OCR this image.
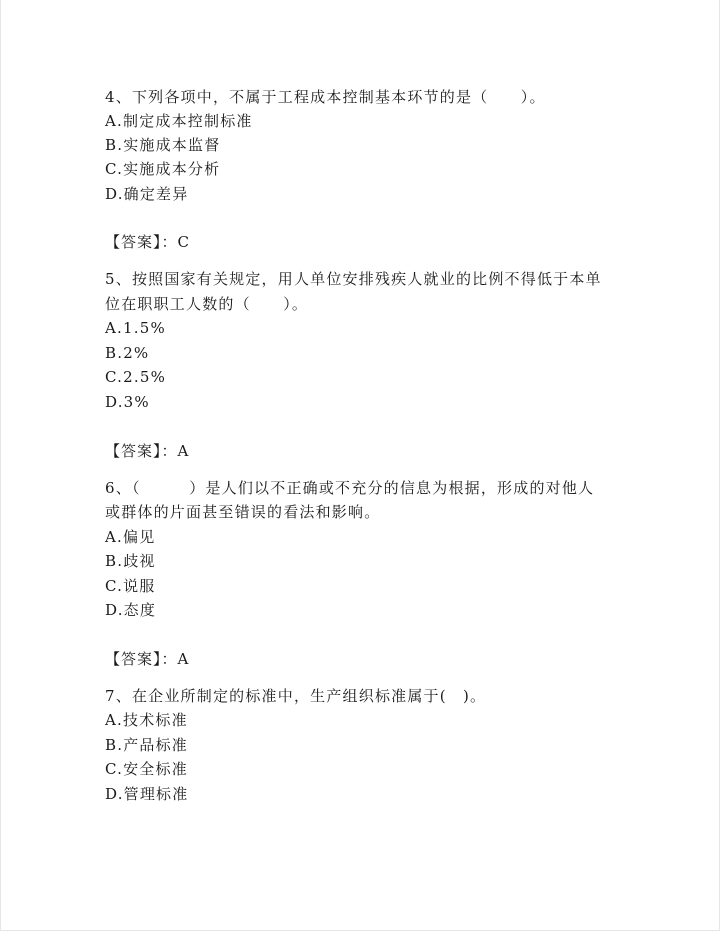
4、下列各项中，不属于工程成本控制基本环节的是（　　）。
A.制定成本控制标准
B.实施成本监督
C.实施成本分析
D.确定差异
【答案】：C
5、按照国家有关规定，用人单位安排残疾人就业的比例不得低于本单
位在职职工人数的（　　）。
A.1.5%
B.2%
C.2.5%
D.3%
【答案】：A
6、（　　　）是人们以不正确或不充分的信息为根据，形成的对他人
或群体的片面甚至错误的看法和影响。
A.偏见
B.歧视
C.说服
D.态度
【答案】：A
7、在企业所制定的标准中，生产组织标准属于(　)。
A.技术标准
B.产品标准
C.安全标准
D.管理标准
